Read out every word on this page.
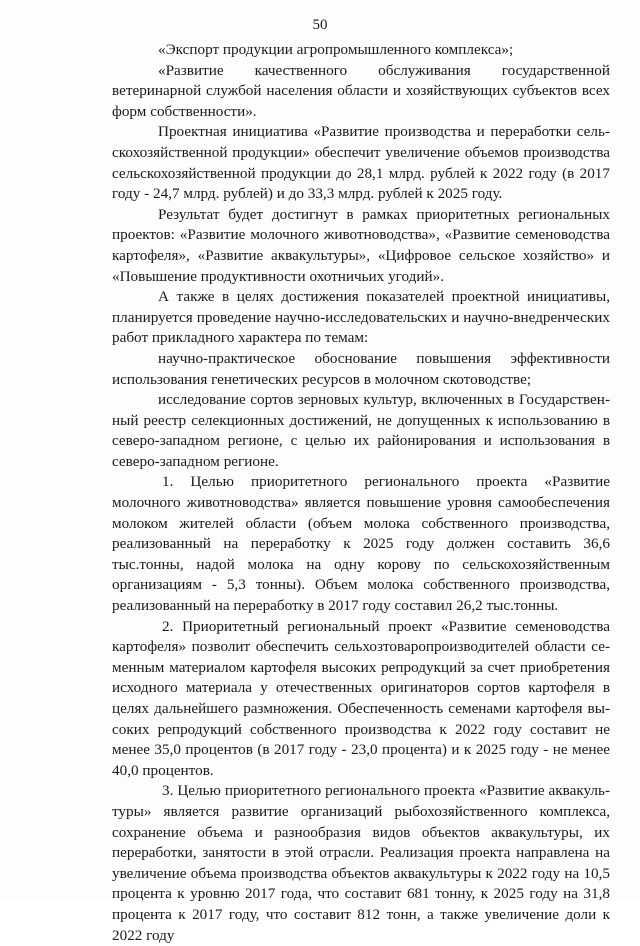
50

«Экспорт продукции агропромышленного комплекса»;

«Развитие качественного обслуживания государственной ветеринарной службой населения области и хозяйствующих субъектов всех форм собственности».

Проектная инициатива «Развитие производства и переработки сельскохозяйственной продукции» обеспечит увеличение объемов производства сельскохозяйственной продукции до 28,1 млрд. рублей к 2022 году (в 2017 году - 24,7 млрд. рублей) и до 33,3 млрд. рублей к 2025 году.

Результат будет достигнут в рамках приоритетных региональных проектов: «Развитие молочного животноводства», «Развитие семеноводства картофеля», «Развитие аквакультуры», «Цифровое сельское хозяйство» и «Повышение продуктивности охотничьих угодий».

А также в целях достижения показателей проектной инициативы, планируется проведение научно-исследовательских и научно-внедренческих работ прикладного характера по темам:

научно-практическое обоснование повышения эффективности использования генетических ресурсов в молочном скотоводстве;

исследование сортов зерновых культур, включенных в Государственный реестр селекционных достижений, не допущенных к использованию в северо-западном регионе, с целью их районирования и использования в северо-западном регионе.

1. Целью приоритетного регионального проекта «Развитие молочного животноводства» является повышение уровня самообеспечения молоком жителей области (объем молока собственного производства, реализованный на переработку к 2025 году должен составить 36,6 тыс.тонны, надой молока на одну корову по сельскохозяйственным организациям - 5,3 тонны). Объем молока собственного производства, реализованный на переработку в 2017 году составил 26,2 тыс.тонны.

2. Приоритетный региональный проект «Развитие семеноводства картофеля» позволит обеспечить сельхозтоваропроизводителей области семенным материалом картофеля высоких репродукций за счет приобретения исходного материала у отечественных оригинаторов сортов картофеля в целях дальнейшего размножения. Обеспеченность семенами картофеля высоких репродукций собственного производства к 2022 году составит не менее 35,0 процентов (в 2017 году - 23,0 процента) и к 2025 году - не менее 40,0 процентов.

3. Целью приоритетного регионального проекта «Развитие аквакультуры» является развитие организаций рыбохозяйственного комплекса, сохранение объема и разнообразия видов объектов аквакультуры, их переработки, занятости в этой отрасли. Реализация проекта направлена на увеличение объема производства объектов аквакультуры к 2022 году на 10,5 процента к уровню 2017 года, что составит 681 тонну, к 2025 году на 31,8 процента к 2017 году, что составит 812 тонн, а также увеличение доли к 2022 году
